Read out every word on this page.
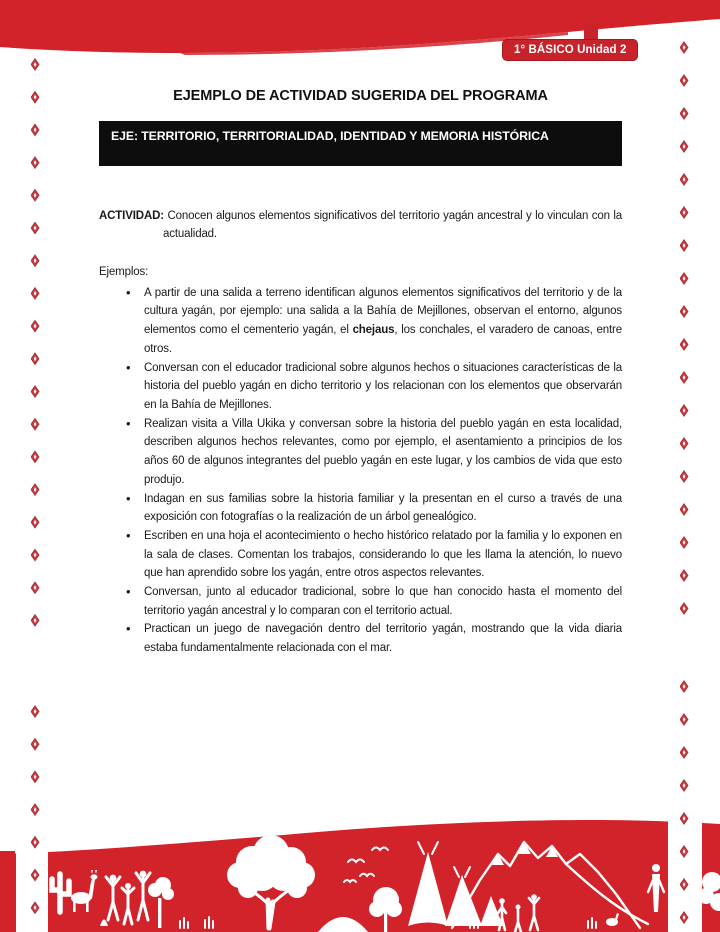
1° BÁSICO Unidad 2
EJEMPLO DE ACTIVIDAD SUGERIDA DEL PROGRAMA
EJE: TERRITORIO, TERRITORIALIDAD, IDENTIDAD Y MEMORIA HISTÓRICA

ACTIVIDAD: Conocen algunos elementos significativos del territorio yagán ancestral y lo vinculan con la actualidad.

Ejemplos:

• A partir de una salida a terreno identifican algunos elementos significativos del territorio y de la cultura yagán, por ejemplo: una salida a la Bahía de Mejillones, observan el entorno, algunos elementos como el cementerio yagán, el chejaus, los conchales, el varadero de canoas, entre otros.
• Conversan con el educador tradicional sobre algunos hechos o situaciones características de la historia del pueblo yagán en dicho territorio y los relacionan con los elementos que observarán en la Bahía de Mejillones.
• Realizan visita a Villa Ukika y conversan sobre la historia del pueblo yagán en esta localidad, describen algunos hechos relevantes, como por ejemplo, el asentamiento a principios de los años 60 de algunos integrantes del pueblo yagán en este lugar, y los cambios de vida que esto produjo.
• Indagan en sus familias sobre la historia familiar y la presentan en el curso a través de una exposición con fotografías o la realización de un árbol genealógico.
• Escriben en una hoja el acontecimiento o hecho histórico relatado por la familia y lo exponen en la sala de clases. Comentan los trabajos, considerando lo que les llama la atención, lo nuevo que han aprendido sobre los yagán, entre otros aspectos relevantes.
• Conversan, junto al educador tradicional, sobre lo que han conocido hasta el momento del territorio yagán ancestral y lo comparan con el territorio actual.
• Practican un juego de navegación dentro del territorio yagán, mostrando que la vida diaria estaba fundamentalmente relacionada con el mar.
